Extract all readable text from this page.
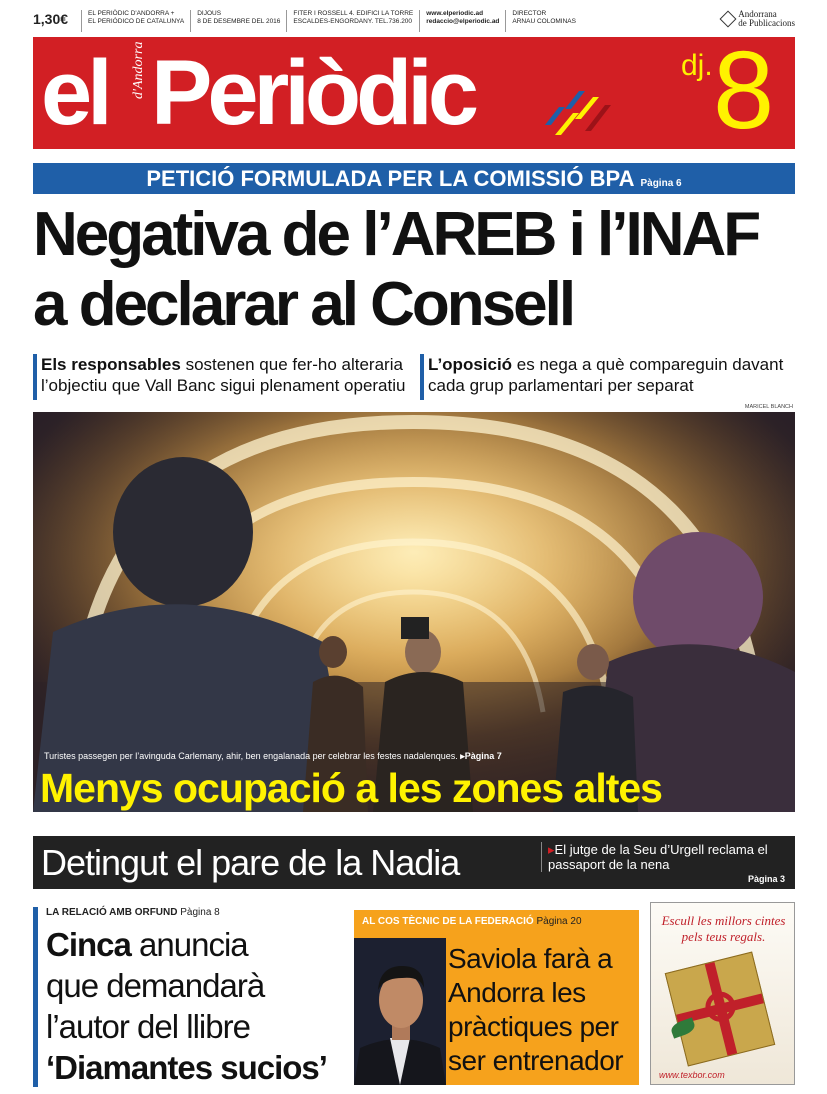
1,30€	EL PERIÒDIC D'ANDORRA +
EL PERIÓDICO DE CATALUNYA
DIJOUS
8 DE DESEMBRE DEL 2016
FITER I ROSSELL 4. EDIFICI LA TORRE
ESCALDES-ENGORDANY. TEL.736.200
www.elperiodic.ad
redaccio@elperiodic.ad
DIRECTOR
ARNAU COLOMINAS
Andorrana
de Publicacions
el d'Andorra Periòdic	dj. 8
PETICIÓ FORMULADA PER LA COMISSIÓ BPA Pàgina 6
Negativa de l’AREB i l’INAF
a declarar al Consell
Els responsables sostenen que fer-ho alteraria l’objectiu que Vall Banc sigui plenament operatiu
L’oposició es nega a què compareguin davant cada grup parlamentari per separat
MARICEL BLANCH
Turistes passegen per l’avinguda Carlemany, ahir, ben engalanada per celebrar les festes nadalenques. ▸Pàgina 7
Menys ocupació a les zones altes
Detingut el pare de la Nadia	▸El jutge de la Seu d’Urgell reclama el passaport de la nena
Pàgina 3
LA RELACIÓ AMB ORFUND Pàgina 8
Cinca anuncia
que demandarà
l’autor del llibre
‘Diamantes sucios’
AL COS TÈCNIC DE LA FEDERACIÓ Pàgina 20
Saviola farà a Andorra les pràctiques per ser entrenador
Escull les millors cintes
pels teus regals.
www.texbor.com
